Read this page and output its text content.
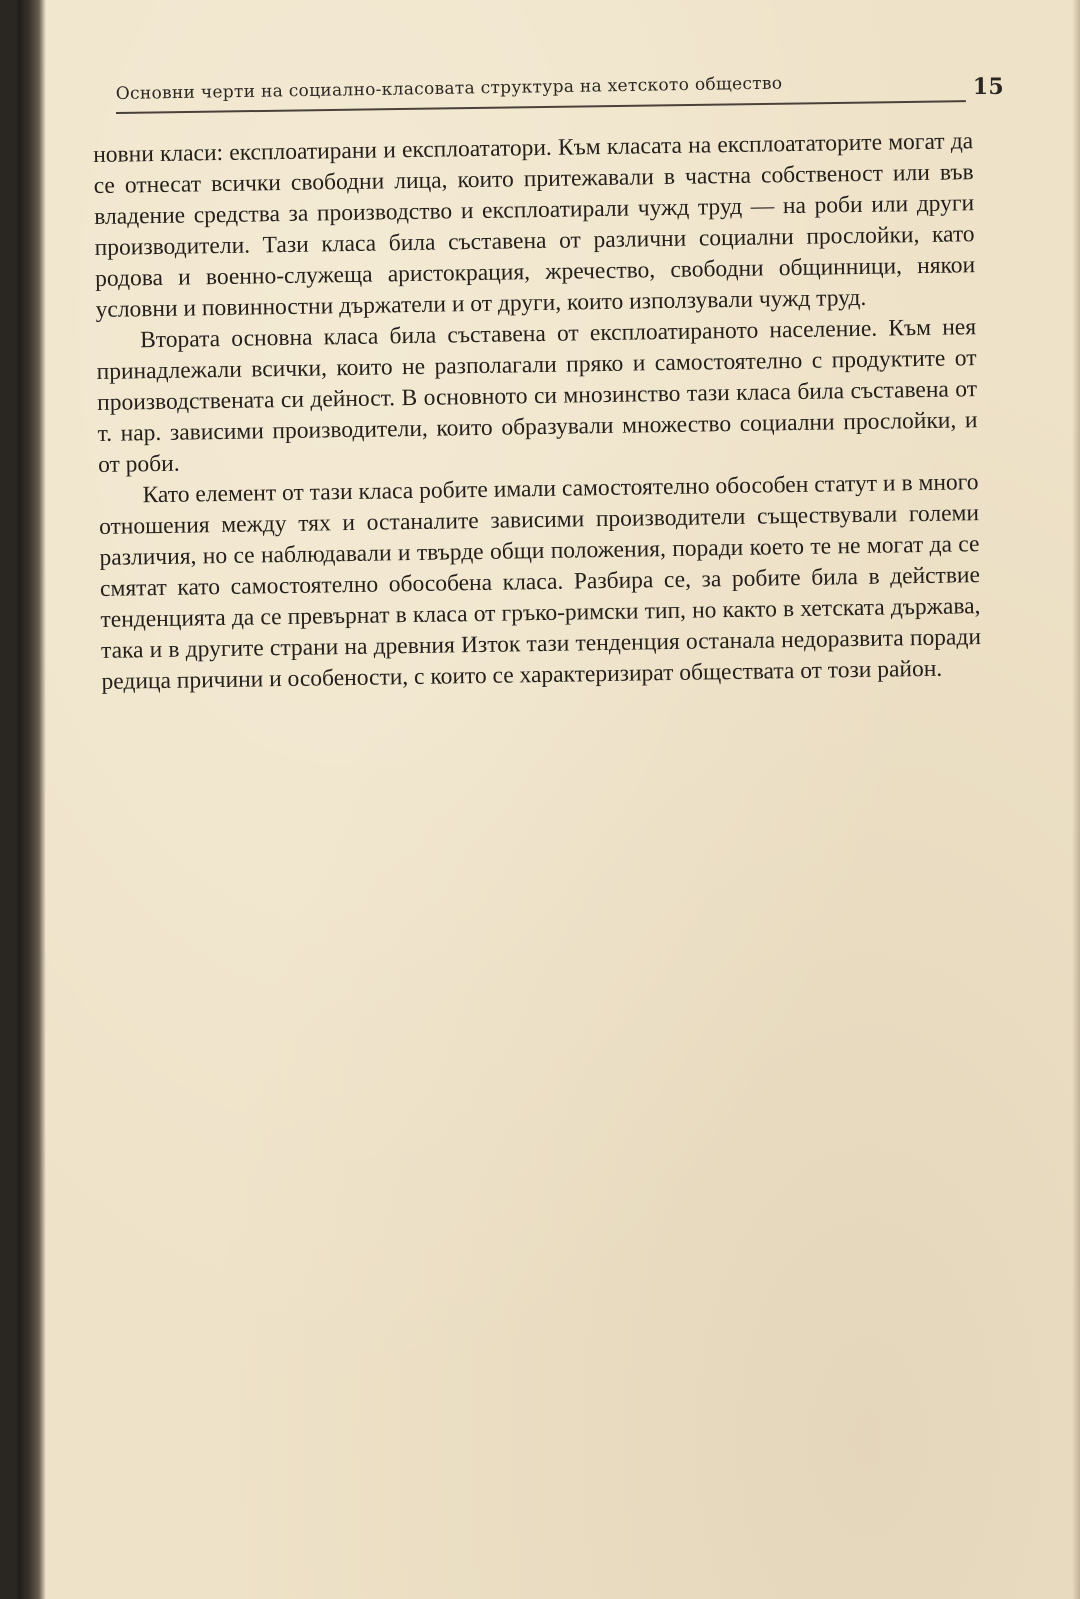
Основни черти на социално-класовата структура на хетското общество	15

новни класи: експлоатирани и експлоататори. Към класата на експлоататорите могат да се отнесат всички свободни лица, които притежавали в частна собственост или във владение средства за производство и експлоатирали чужд труд — на роби или други производители. Тази класа била съставена от различни социални прослойки, като родова и военно-служеща аристокрация, жречество, свободни общинници, някои условни и повинностни държатели и от други, които използували чужд труд.

Втората основна класа била съставена от експлоатираното население. Към нея принадлежали всички, които не разполагали пряко и самостоятелно с продуктите от производствената си дейност. В основното си мнозинство тази класа била съставена от т. нар. зависими производители, които образували множество социални прослойки, и от роби.

Като елемент от тази класа робите имали самостоятелно обособен статут и в много отношения между тях и останалите зависими производители съществували големи различия, но се наблюдавали и твърде общи положения, поради което те не могат да се смятат като самостоятелно обособена класа. Разбира се, за робите била в действие тенденцията да се превърнат в класа от гръко-римски тип, но както в хетската държава, така и в другите страни на древния Изток тази тенденция останала недоразвита поради редица причини и особености, с които се характеризират обществата от този район.
